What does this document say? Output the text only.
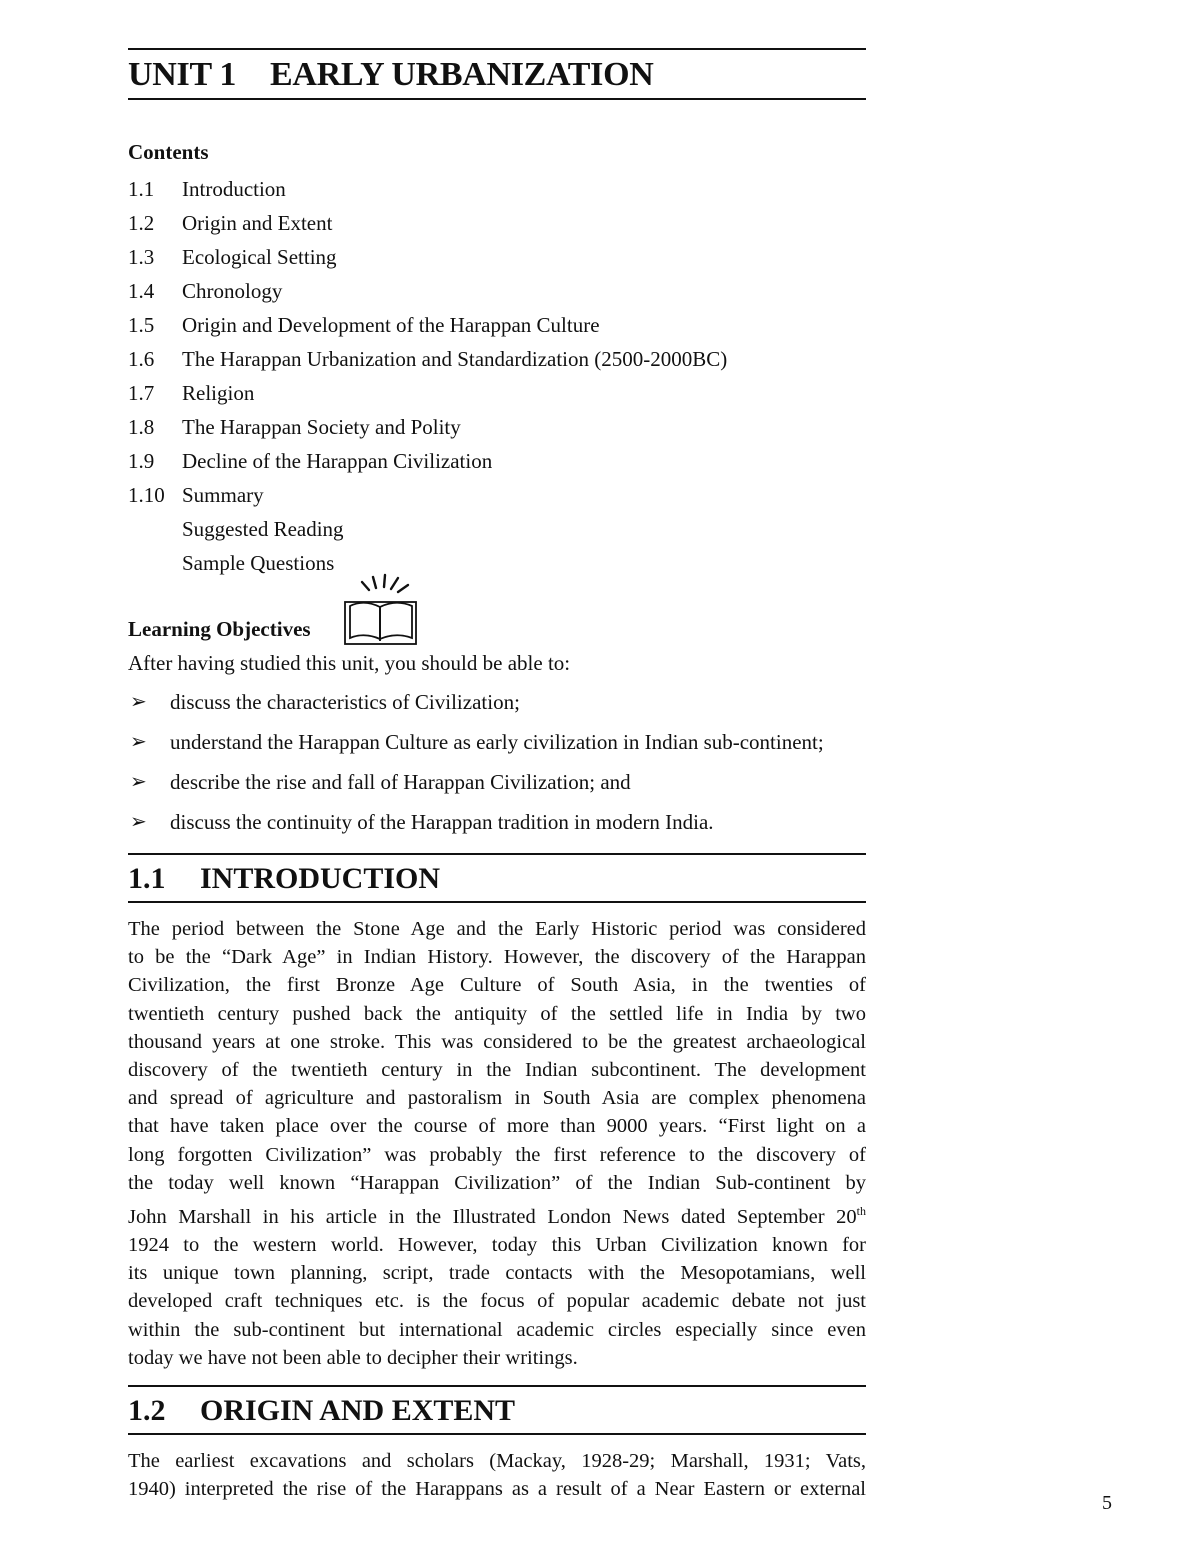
UNIT 1 EARLY URBANIZATION
Contents
1.1 Introduction
1.2 Origin and Extent
1.3 Ecological Setting
1.4 Chronology
1.5 Origin and Development of the Harappan Culture
1.6 The Harappan Urbanization and Standardization (2500-2000BC)
1.7 Religion
1.8 The Harappan Society and Polity
1.9 Decline of the Harappan Civilization
1.10 Summary
Suggested Reading
Sample Questions
Learning Objectives
After having studied this unit, you should be able to:
➢ discuss the characteristics of Civilization;
➢ understand the Harappan Culture as early civilization in Indian sub-continent;
➢ describe the rise and fall of Harappan Civilization; and
➢ discuss the continuity of the Harappan tradition in modern India.
1.1 INTRODUCTION
The period between the Stone Age and the Early Historic period was considered
to be the “Dark Age” in Indian History. However, the discovery of the Harappan
Civilization, the first Bronze Age Culture of South Asia, in the twenties of
twentieth century pushed back the antiquity of the settled life in India by two
thousand years at one stroke. This was considered to be the greatest archaeological
discovery of the twentieth century in the Indian subcontinent. The development
and spread of agriculture and pastoralism in South Asia are complex phenomena
that have taken place over the course of more than 9000 years. “First light on a
long forgotten Civilization” was probably the first reference to the discovery of
the today well known “Harappan Civilization” of the Indian Sub-continent by
John Marshall in his article in the Illustrated London News dated September 20th
1924 to the western world. However, today this Urban Civilization known for
its unique town planning, script, trade contacts with the Mesopotamians, well
developed craft techniques etc. is the focus of popular academic debate not just
within the sub-continent but international academic circles especially since even
today we have not been able to decipher their writings.
1.2 ORIGIN AND EXTENT
The earliest excavations and scholars (Mackay, 1928-29; Marshall, 1931; Vats,
1940) interpreted the rise of the Harappans as a result of a Near Eastern or external
5
